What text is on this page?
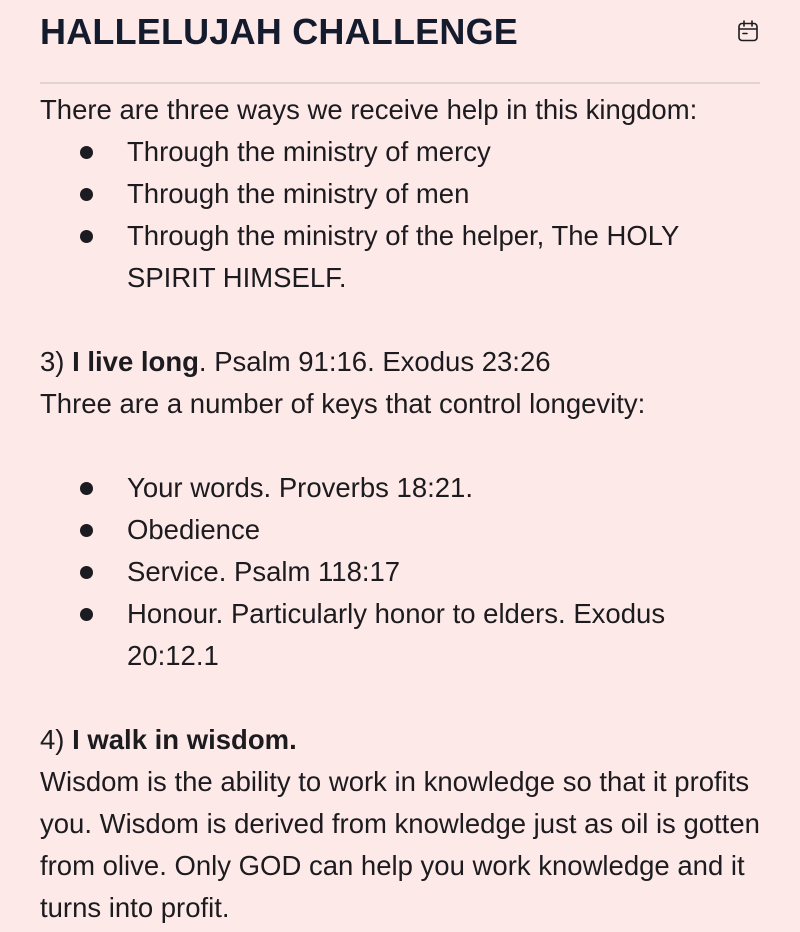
HALLELUJAH CHALLENGE

There are three ways we receive help in this kingdom:

Through the ministry of mercy
Through the ministry of men
Through the ministry of the helper, The HOLY SPIRIT HIMSELF.

3) I live long. Psalm 91:16. Exodus 23:26

Three are a number of keys that control longevity:

Your words. Proverbs 18:21.
Obedience
Service. Psalm 118:17
Honour. Particularly honor to elders. Exodus 20:12.1

4) I walk in wisdom.

Wisdom is the ability to work in knowledge so that it profits you. Wisdom is derived from knowledge just as oil is gotten from olive. Only GOD can help you work knowledge and it turns into profit.
